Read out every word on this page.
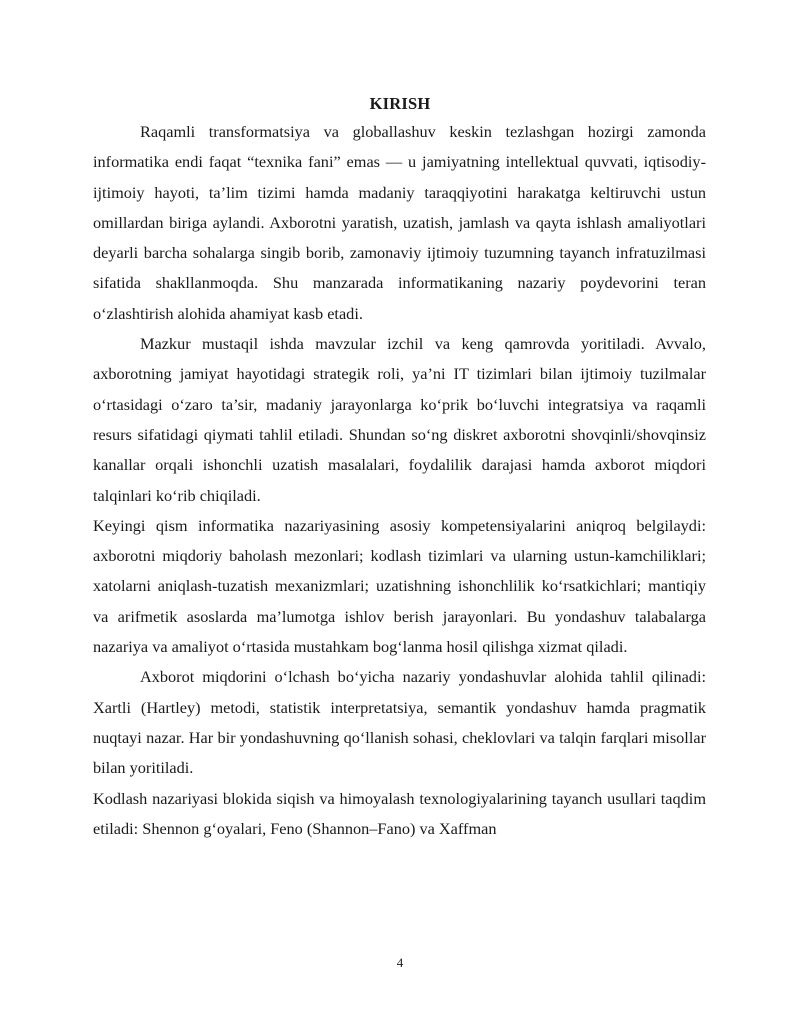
KIRISH

Raqamli transformatsiya va globallashuv keskin tezlashgan hozirgi zamonda informatika endi faqat “texnika fani” emas — u jamiyatning intellektual quvvati, iqtisodiy-ijtimoiy hayoti, ta’lim tizimi hamda madaniy taraqqiyotini harakatga keltiruvchi ustun omillardan biriga aylandi. Axborotni yaratish, uzatish, jamlash va qayta ishlash amaliyotlari deyarli barcha sohalarga singib borib, zamonaviy ijtimoiy tuzumning tayanch infratuzilmasi sifatida shakllanmoqda. Shu manzarada informatikaning nazariy poydevorini teran o‘zlashtirish alohida ahamiyat kasb etadi.

Mazkur mustaqil ishda mavzular izchil va keng qamrovda yoritiladi. Avvalo, axborotning jamiyat hayotidagi strategik roli, ya’ni IT tizimlari bilan ijtimoiy tuzilmalar o‘rtasidagi o‘zaro ta’sir, madaniy jarayonlarga ko‘prik bo‘luvchi integratsiya va raqamli resurs sifatidagi qiymati tahlil etiladi. Shundan so‘ng diskret axborotni shovqinli/shovqinsiz kanallar orqali ishonchli uzatish masalalari, foydalilik darajasi hamda axborot miqdori talqinlari ko‘rib chiqiladi.

Keyingi qism informatika nazariyasining asosiy kompetensiyalarini aniqroq belgilaydi: axborotni miqdoriy baholash mezonlari; kodlash tizimlari va ularning ustun-kamchiliklari; xatolarni aniqlash-tuzatish mexanizmlari; uzatishning ishonchlilik ko‘rsatkichlari; mantiqiy va arifmetik asoslarda ma’lumotga ishlov berish jarayonlari. Bu yondashuv talabalarga nazariya va amaliyot o‘rtasida mustahkam bog‘lanma hosil qilishga xizmat qiladi.

Axborot miqdorini o‘lchash bo‘yicha nazariy yondashuvlar alohida tahlil qilinadi: Xartli (Hartley) metodi, statistik interpretatsiya, semantik yondashuv hamda pragmatik nuqtayi nazar. Har bir yondashuvning qo‘llanish sohasi, cheklovlari va talqin farqlari misollar bilan yoritiladi.

Kodlash nazariyasi blokida siqish va himoyalash texnologiyalarining tayanch usullari taqdim etiladi: Shennon g‘oyalari, Feno (Shannon–Fano) va Xaffman

4
